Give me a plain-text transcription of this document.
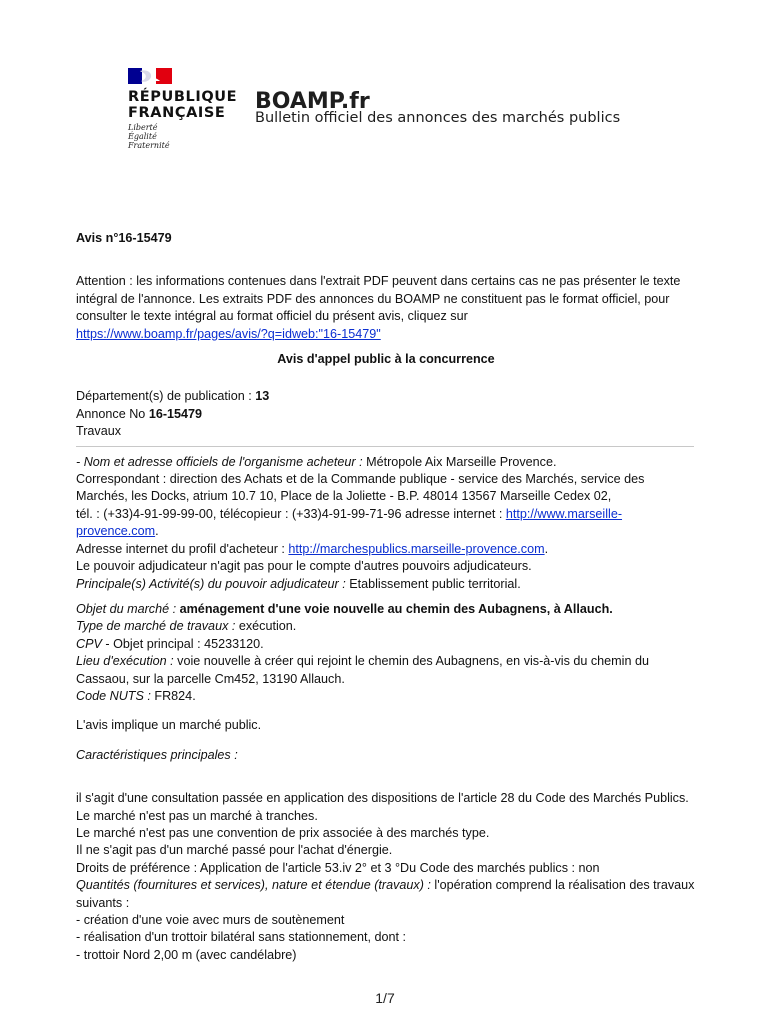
RÉPUBLIQUE
FRANÇAISE
Liberté
Égalité
Fraternité
BOAMP.fr
Bulletin officiel des annonces des marchés publics

Avis n°16-15479

Attention : les informations contenues dans l'extrait PDF peuvent dans certains cas ne pas présenter le texte intégral de l'annonce. Les extraits PDF des annonces du BOAMP ne constituent pas le format officiel, pour consulter le texte intégral au format officiel du présent avis, cliquez sur
https://www.boamp.fr/pages/avis/?q=idweb:"16-15479"

Avis d'appel public à la concurrence

Département(s) de publication : 13

Annonce No 16-15479

Travaux

- Nom et adresse officiels de l'organisme acheteur : Métropole Aix Marseille Provence.
Correspondant : direction des Achats et de la Commande publique - service des Marchés, service des Marchés, les Docks, atrium 10.7 10, Place de la Joliette - B.P. 48014 13567 Marseille Cedex 02,
tél. : (+33)4-91-99-99-00, télécopieur : (+33)4-91-99-71-96 adresse internet : http://www.marseille-provence.com.
Adresse internet du profil d'acheteur : http://marchespublics.marseille-provence.com.
Le pouvoir adjudicateur n'agit pas pour le compte d'autres pouvoirs adjudicateurs.
Principale(s) Activité(s) du pouvoir adjudicateur : Etablissement public territorial.

Objet du marché : aménagement d'une voie nouvelle au chemin des Aubagnens, à Allauch.
Type de marché de travaux : exécution.
CPV - Objet principal : 45233120.
Lieu d'exécution : voie nouvelle à créer qui rejoint le chemin des Aubagnens, en vis-à-vis du chemin du Cassaou, sur la parcelle Cm452, 13190 Allauch.
Code NUTS : FR824.

L'avis implique un marché public.

Caractéristiques principales :

il s'agit d'une consultation passée en application des dispositions de l'article 28 du Code des Marchés Publics.
Le marché n'est pas un marché à tranches.
Le marché n'est pas une convention de prix associée à des marchés type.
Il ne s'agit pas d'un marché passé pour l'achat d'énergie.
Droits de préférence : Application de l'article 53.iv 2° et 3 °Du Code des marchés publics : non
Quantités (fournitures et services), nature et étendue (travaux) : l'opération comprend la réalisation des travaux suivants :
- création d'une voie avec murs de soutènement
- réalisation d'un trottoir bilatéral sans stationnement, dont :
- trottoir Nord 2,00 m (avec candélabre)

1/7
